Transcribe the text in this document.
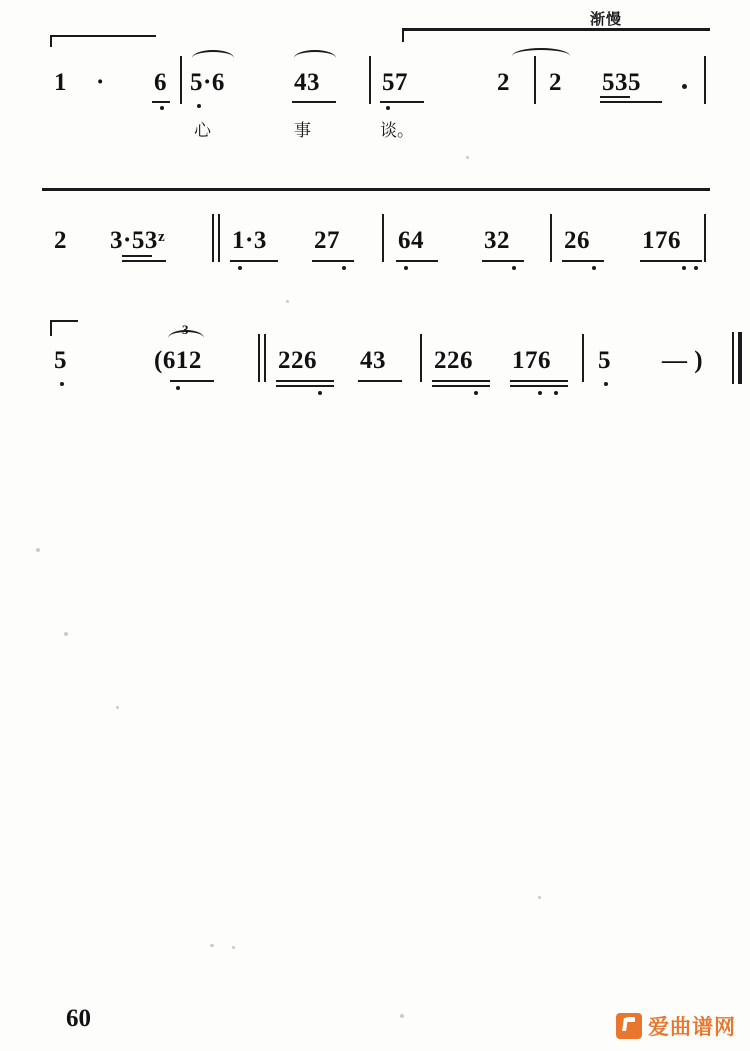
渐慢
1 · 6 5·6	43 57	2 2 535
心	事	谈。
2 3·53ᶻ	1·3 27 64 32 26 176
5
3
(612	226 43 226 176 5 — )
60	爱曲谱网
